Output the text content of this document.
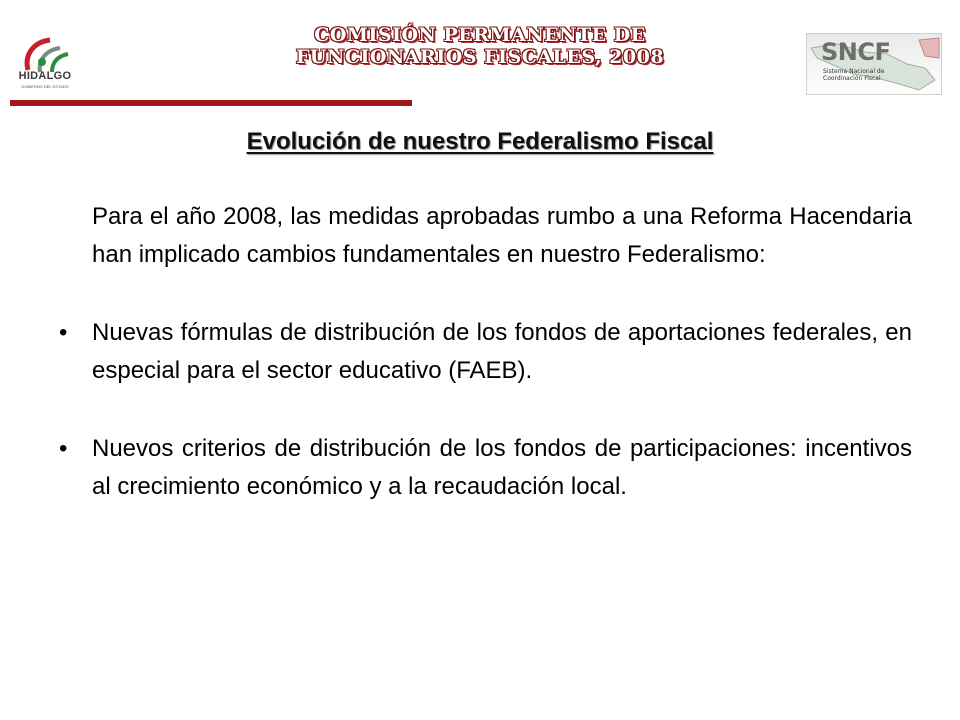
HIDALGO
GOBIERNO DEL ESTADO
COMISIÓN PERMANENTE DE
FUNCIONARIOS FISCALES, 2008	SNCF
Sistema Nacional de
Coordinación Fiscal
Evolución de nuestro Federalismo Fiscal

Para el año 2008, las medidas aprobadas rumbo a una Reforma Hacendaria han implicado cambios fundamentales en nuestro Federalismo:

• Nuevas fórmulas de distribución de los fondos de aportaciones federales, en especial para el sector educativo (FAEB).

• Nuevos criterios de distribución de los fondos de participaciones: incentivos al crecimiento económico y a la recaudación local.
